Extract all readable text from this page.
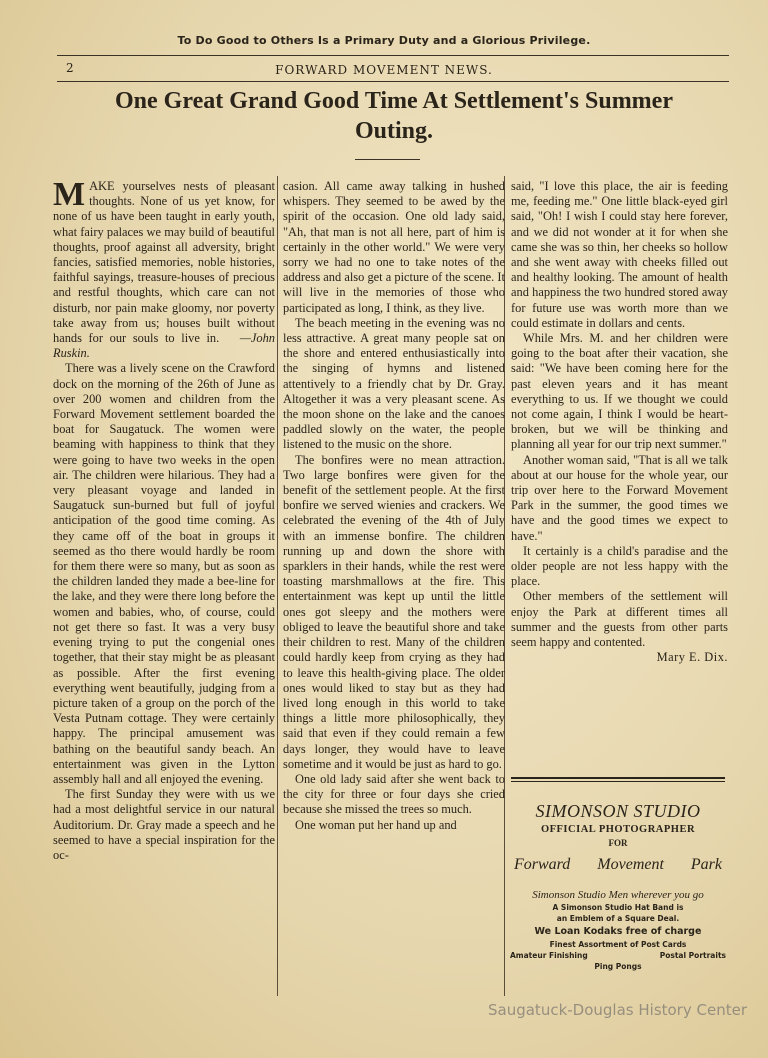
To Do Good to Others Is a Primary Duty and a Glorious Privilege.
2	FORWARD MOVEMENT NEWS.
One Great Grand Good Time At Settlement's Summer
Outing.

MAKE yourselves nests of pleasant thoughts. None of us yet know, for none of us have been taught in early youth, what fairy palaces we may build of beautiful thoughts, proof against all adversity, bright fancies, satisfied memories, noble histories, faithful sayings, treasure-houses of precious and restful thoughts, which care can not disturb, nor pain make gloomy, nor poverty take away from us; houses built without hands for our souls to live in. —John Ruskin.

There was a lively scene on the Crawford dock on the morning of the 26th of June as over 200 women and children from the Forward Movement settlement boarded the boat for Saugatuck. The women were beaming with happiness to think that they were going to have two weeks in the open air. The children were hilarious. They had a very pleasant voyage and landed in Saugatuck sun-burned but full of joyful anticipation of the good time coming. As they came off of the boat in groups it seemed as tho there would hardly be room for them there were so many, but as soon as the children landed they made a bee-line for the lake, and they were there long before the women and babies, who, of course, could not get there so fast. It was a very busy evening trying to put the congenial ones together, that their stay might be as pleasant as possible. After the first evening everything went beautifully, judging from a picture taken of a group on the porch of the Vesta Putnam cottage. They were certainly happy. The principal amusement was bathing on the beautiful sandy beach. An entertainment was given in the Lytton assembly hall and all enjoyed the evening.

The first Sunday they were with us we had a most delightful service in our natural Auditorium. Dr. Gray made a speech and he seemed to have a special inspiration for the oc-

casion. All came away talking in hushed whispers. They seemed to be awed by the spirit of the occasion. One old lady said, "Ah, that man is not all here, part of him is certainly in the other world." We were very sorry we had no one to take notes of the address and also get a picture of the scene. It will live in the memories of those who participated as long, I think, as they live.

The beach meeting in the evening was no less attractive. A great many people sat on the shore and entered enthusiastically into the singing of hymns and listened attentively to a friendly chat by Dr. Gray. Altogether it was a very pleasant scene. As the moon shone on the lake and the canoes paddled slowly on the water, the people listened to the music on the shore.

The bonfires were no mean attraction. Two large bonfires were given for the benefit of the settlement people. At the first bonfire we served wienies and crackers. We celebrated the evening of the 4th of July with an immense bonfire. The children running up and down the shore with sparklers in their hands, while the rest were toasting marshmallows at the fire. This entertainment was kept up until the little ones got sleepy and the mothers were obliged to leave the beautiful shore and take their children to rest. Many of the children could hardly keep from crying as they had to leave this health-giving place. The older ones would liked to stay but as they had lived long enough in this world to take things a little more philosophically, they said that even if they could remain a few days longer, they would have to leave sometime and it would be just as hard to go.

One old lady said after she went back to the city for three or four days she cried because she missed the trees so much.

One woman put her hand up and

said, "I love this place, the air is feeding me, feeding me." One little black-eyed girl said, "Oh! I wish I could stay here forever, and we did not wonder at it for when she came she was so thin, her cheeks so hollow and she went away with cheeks filled out and healthy looking. The amount of health and happiness the two hundred stored away for future use was worth more than we could estimate in dollars and cents.

While Mrs. M. and her children were going to the boat after their vacation, she said: "We have been coming here for the past eleven years and it has meant everything to us. If we thought we could not come again, I think I would be heart-broken, but we will be thinking and planning all year for our trip next summer."

Another woman said, "That is all we talk about at our house for the whole year, our trip over here to the Forward Movement Park in the summer, the good times we have and the good times we expect to have."

It certainly is a child's paradise and the older people are not less happy with the place.

Other members of the settlement will enjoy the Park at different times all summer and the guests from other parts seem happy and contented.
Mary E. Dix.

SIMONSON STUDIO
OFFICIAL PHOTOGRAPHER
FOR
Forward Movement Park
Simonson Studio Men wherever you go
A Simonson Studio Hat Band is
an Emblem of a Square Deal.
We Loan Kodaks free of charge
Finest Assortment of Post Cards
Amateur Finishing	Postal Portraits
Ping Pongs
Saugatuck-Douglas History Center
